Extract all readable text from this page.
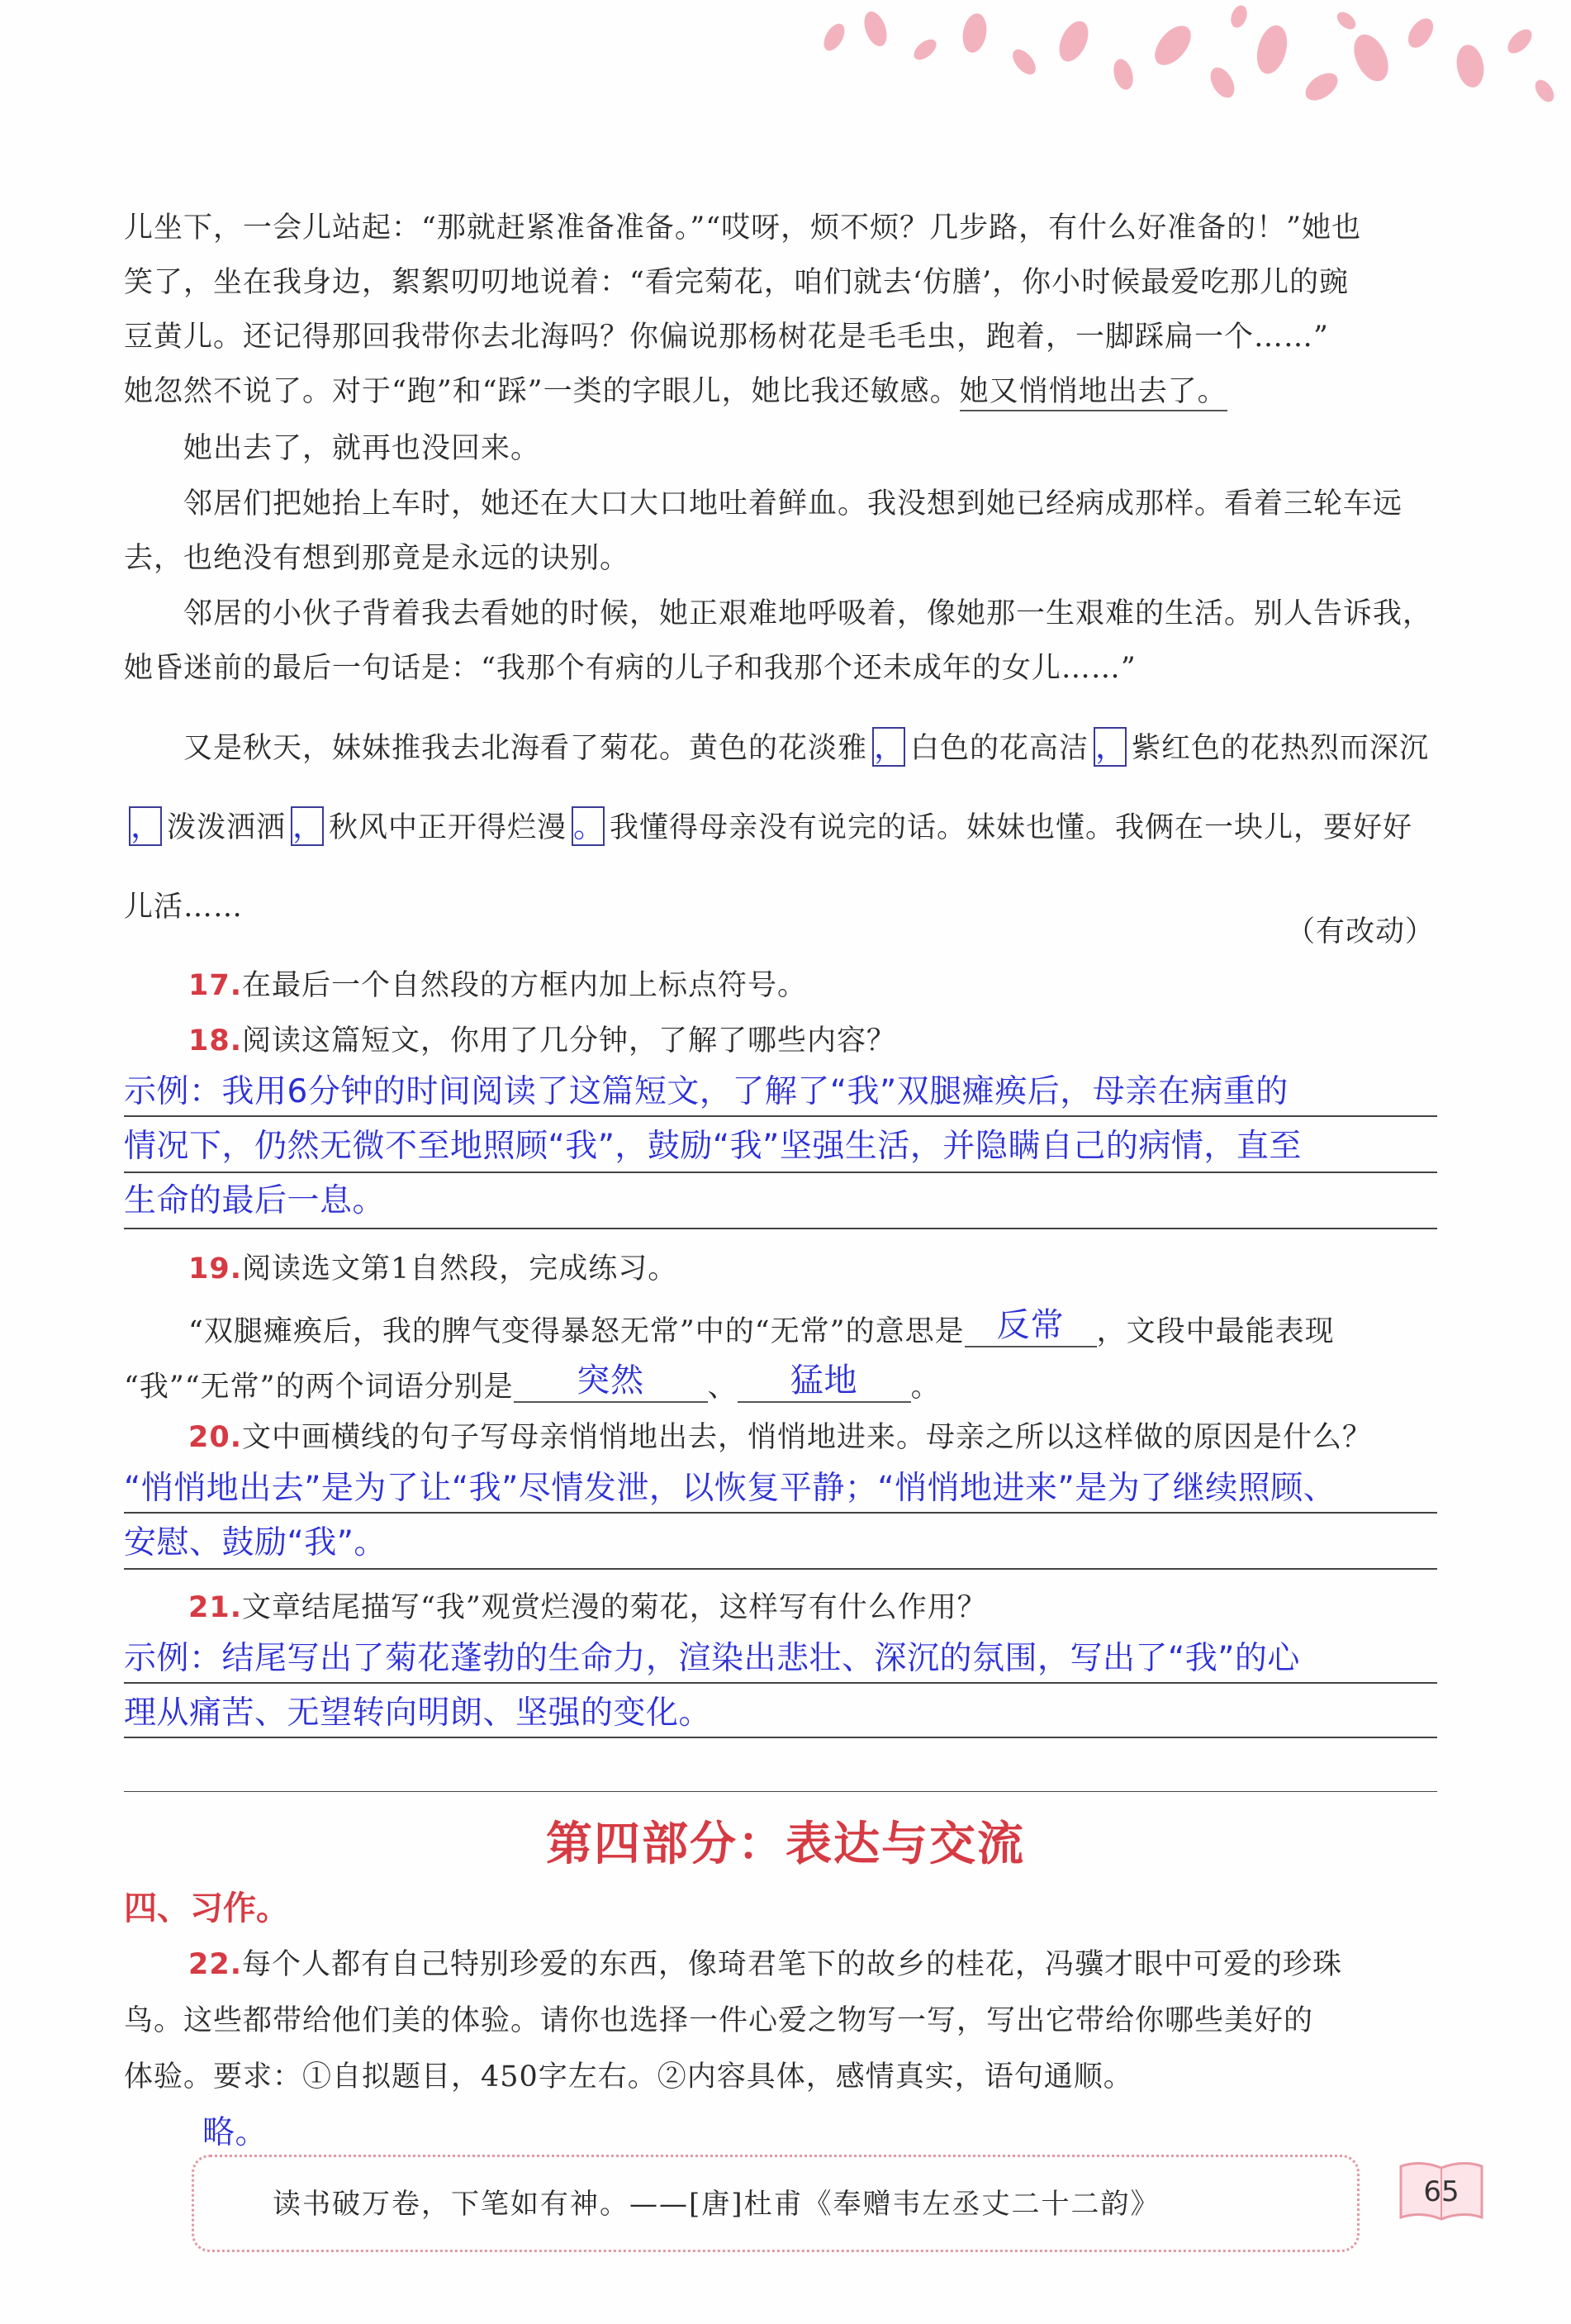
儿坐下，一会儿站起：“那就赶紧准备准备。”“哎呀，烦不烦？几步路，有什么好准备的！”她也
笑了，坐在我身边，絮絮叨叨地说着：“看完菊花，咱们就去‘仿膳’，你小时候最爱吃那儿的豌
豆黄儿。还记得那回我带你去北海吗？你偏说那杨树花是毛毛虫，跑着，一脚踩扁一个……”
她忽然不说了。对于“跑”和“踩”一类的字眼儿，她比我还敏感。她又悄悄地出去了。
她出去了，就再也没回来。
邻居们把她抬上车时，她还在大口大口地吐着鲜血。我没想到她已经病成那样。看着三轮车远去，也绝没有想到那竟是永远的诀别。
邻居的小伙子背着我去看她的时候，她正艰难地呼吸着，像她那一生艰难的生活。别人告诉我，她昏迷前的最后一句话是：“我那个有病的儿子和我那个还未成年的女儿……”
又是秋天，妹妹推我去北海看了菊花。黄色的花淡雅 ， 白色的花高洁 ， 紫红色的花热烈而深沉， 泼泼洒洒 ， 秋风中正开得烂漫 。 我懂得母亲没有说完的话。妹妹也懂。我俩在一块儿，要好好儿活……
（有改动）
17.在最后一个自然段的方框内加上标点符号。
18.阅读这篇短文，你用了几分钟，了解了哪些内容？
示例：我用6分钟的时间阅读了这篇短文，了解了“我”双腿瘫痪后，母亲在病重的
情况下，仍然无微不至地照顾“我”，鼓励“我”坚强生活，并隐瞒自己的病情，直至
生命的最后一息。
19.阅读选文第1自然段，完成练习。
“双腿瘫痪后，我的脾气变得暴怒无常”中的“无常”的意思是 反常 ，文段中最能表现
“我”“无常”的两个词语分别是 突然 、 猛地 。
20.文中画横线的句子写母亲悄悄地出去，悄悄地进来。母亲之所以这样做的原因是什么？
“悄悄地出去”是为了让“我”尽情发泄，以恢复平静；“悄悄地进来”是为了继续照顾、
安慰、鼓励“我”。
21.文章结尾描写“我”观赏烂漫的菊花，这样写有什么作用？
示例：结尾写出了菊花蓬勃的生命力，渲染出悲壮、深沉的氛围，写出了“我”的心
理从痛苦、无望转向明朗、坚强的变化。
第四部分：表达与交流
四、习作。
22.每个人都有自己特别珍爱的东西，像琦君笔下的故乡的桂花，冯骥才眼中可爱的珍珠
鸟。这些都带给他们美的体验。请你也选择一件心爱之物写一写，写出它带给你哪些美好的
体验。要求：①自拟题目，450字左右。②内容具体，感情真实，语句通顺。
略。
读书破万卷，下笔如有神。——[唐]杜甫《奉赠韦左丞丈二十二韵》	65
